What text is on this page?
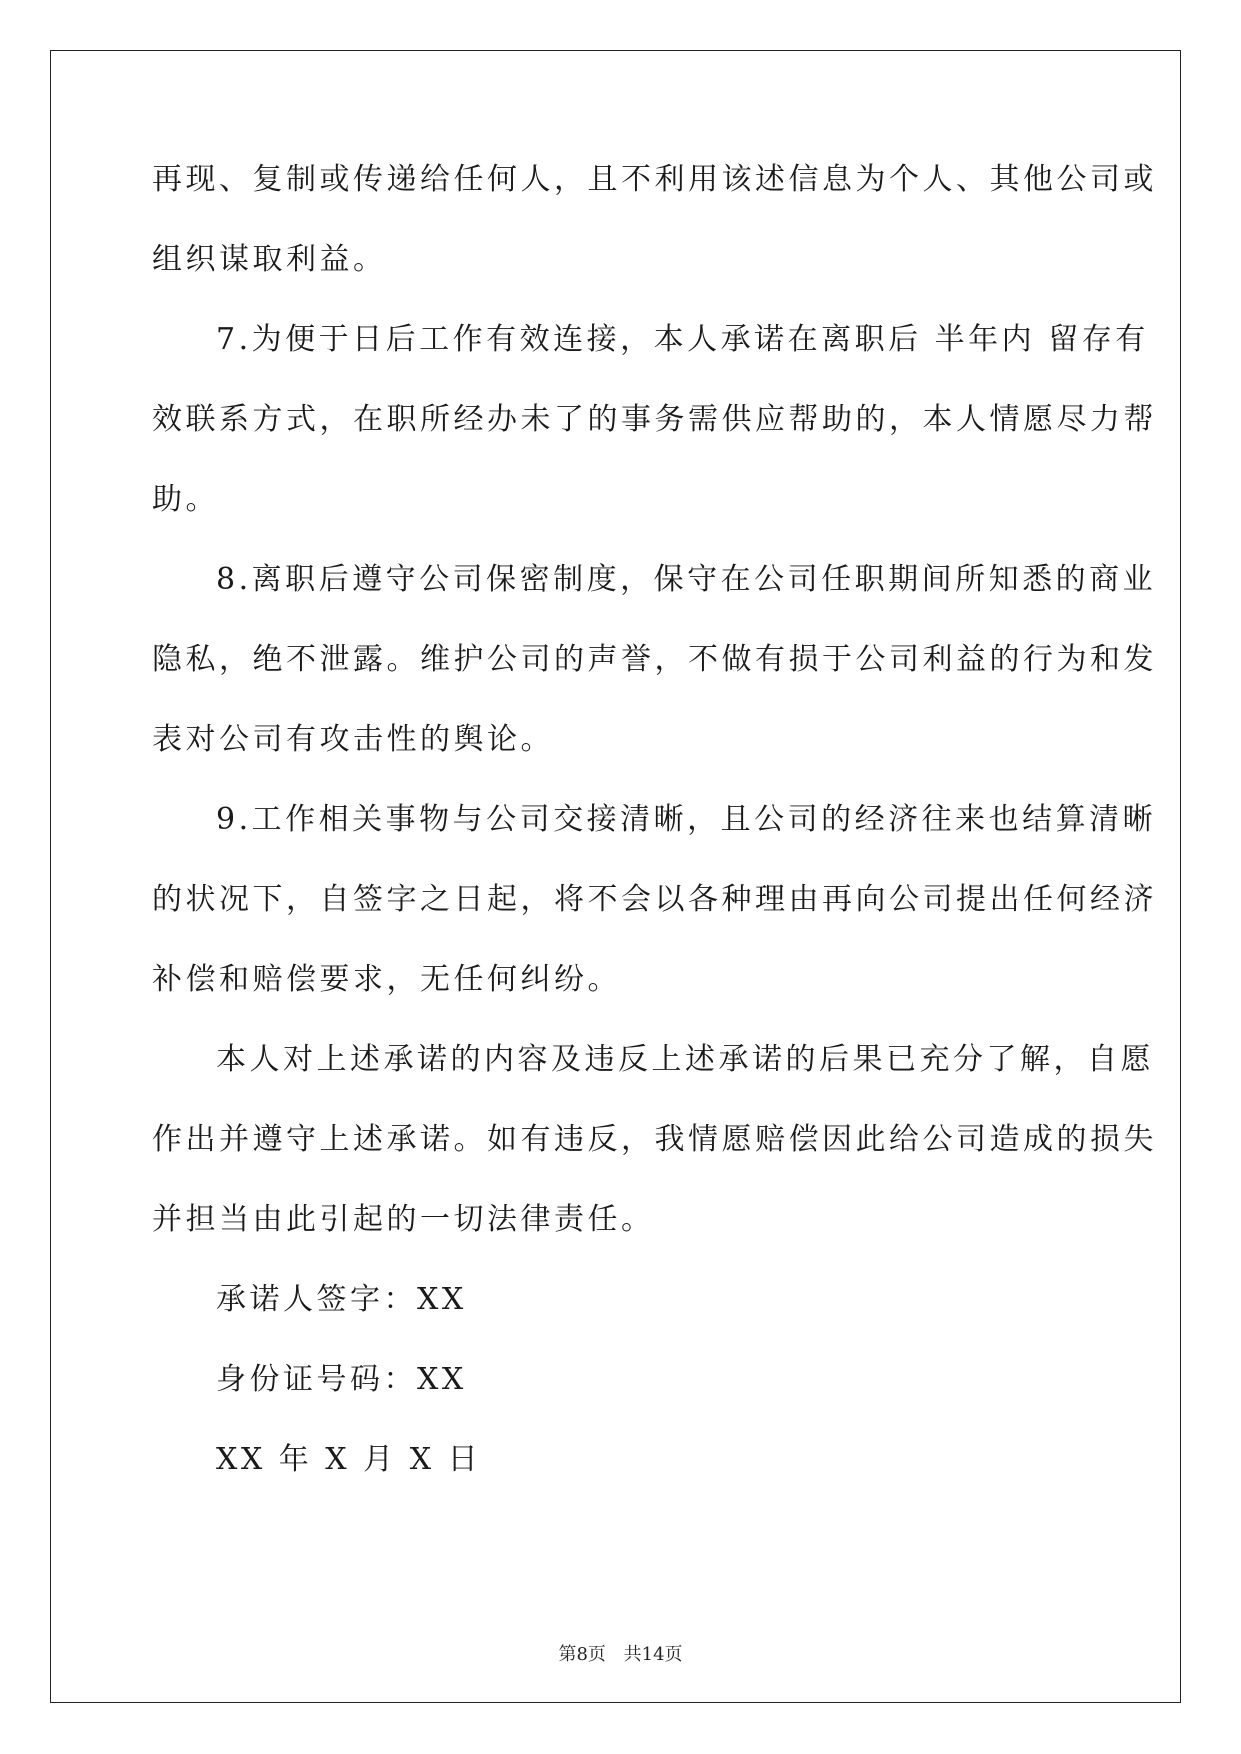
再现、复制或传递给任何人，且不利用该述信息为个人、其他公司或
组织谋取利益。
7.为便于日后工作有效连接，本人承诺在离职后 半年内 留存有
效联系方式，在职所经办未了的事务需供应帮助的，本人情愿尽力帮
助。
8.离职后遵守公司保密制度，保守在公司任职期间所知悉的商业
隐私，绝不泄露。维护公司的声誉，不做有损于公司利益的行为和发
表对公司有攻击性的舆论。
9.工作相关事物与公司交接清晰，且公司的经济往来也结算清晰
的状况下，自签字之日起，将不会以各种理由再向公司提出任何经济
补偿和赔偿要求，无任何纠纷。
本人对上述承诺的内容及违反上述承诺的后果已充分了解，自愿
作出并遵守上述承诺。如有违反，我情愿赔偿因此给公司造成的损失
并担当由此引起的一切法律责任。
承诺人签字：XX
身份证号码：XX
XX 年 X 月 X 日
第8页 共14页
